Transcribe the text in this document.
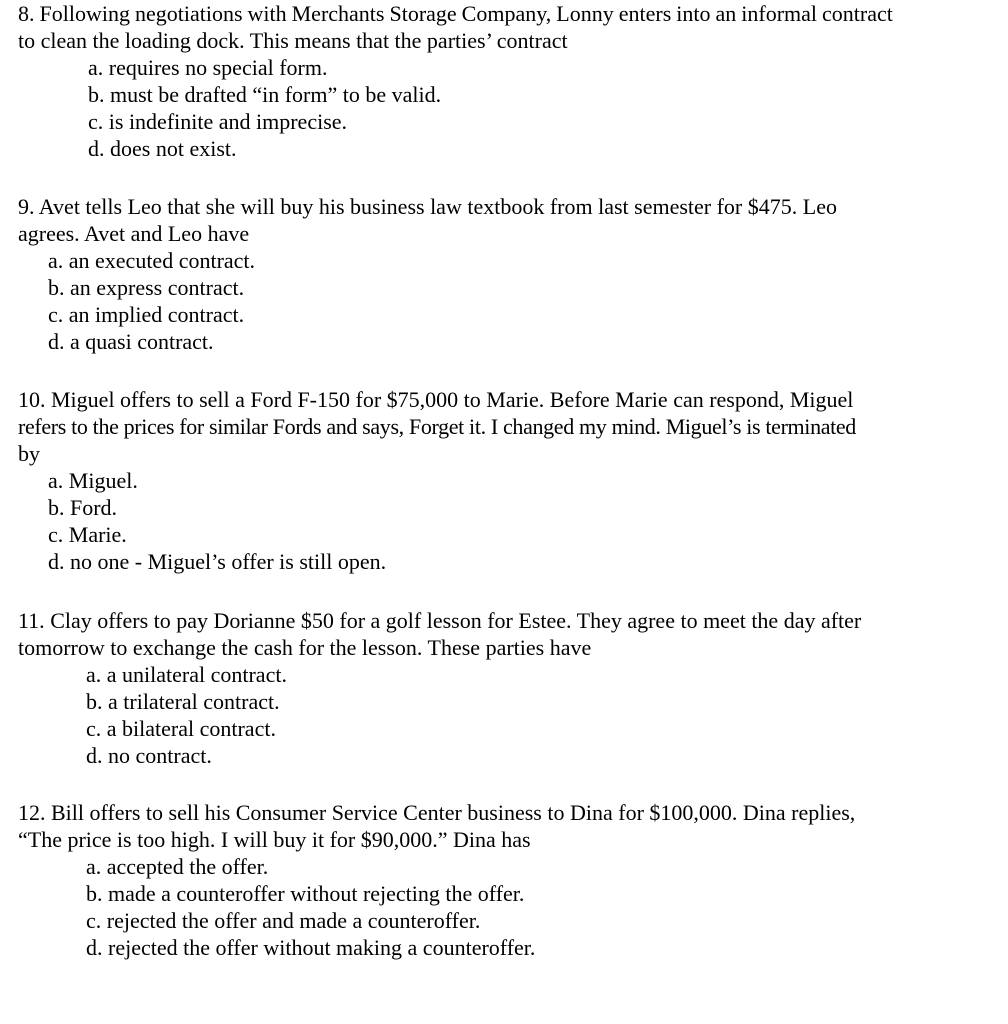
8. Following negotiations with Merchants Storage Company, Lonny enters into an informal contract
to clean the loading dock. This means that the parties’ contract
a. requires no special form.
b. must be drafted “in form” to be valid.
c. is indefinite and imprecise.
d. does not exist.
9. Avet tells Leo that she will buy his business law textbook from last semester for $475. Leo
agrees. Avet and Leo have
a. an executed contract.
b. an express contract.
c. an implied contract.
d. a quasi contract.
10. Miguel offers to sell a Ford F-150 for $75,000 to Marie. Before Marie can respond, Miguel
refers to the prices for similar Fords and says, Forget it. I changed my mind. Miguel’s is terminated
by
a. Miguel.
b. Ford.
c. Marie.
d. no one - Miguel’s offer is still open.
11. Clay offers to pay Dorianne $50 for a golf lesson for Estee. They agree to meet the day after
tomorrow to exchange the cash for the lesson. These parties have
a. a unilateral contract.
b. a trilateral contract.
c. a bilateral contract.
d. no contract.
12. Bill offers to sell his Consumer Service Center business to Dina for $100,000. Dina replies,
“The price is too high. I will buy it for $90,000.” Dina has
a. accepted the offer.
b. made a counteroffer without rejecting the offer.
c. rejected the offer and made a counteroffer.
d. rejected the offer without making a counteroffer.
